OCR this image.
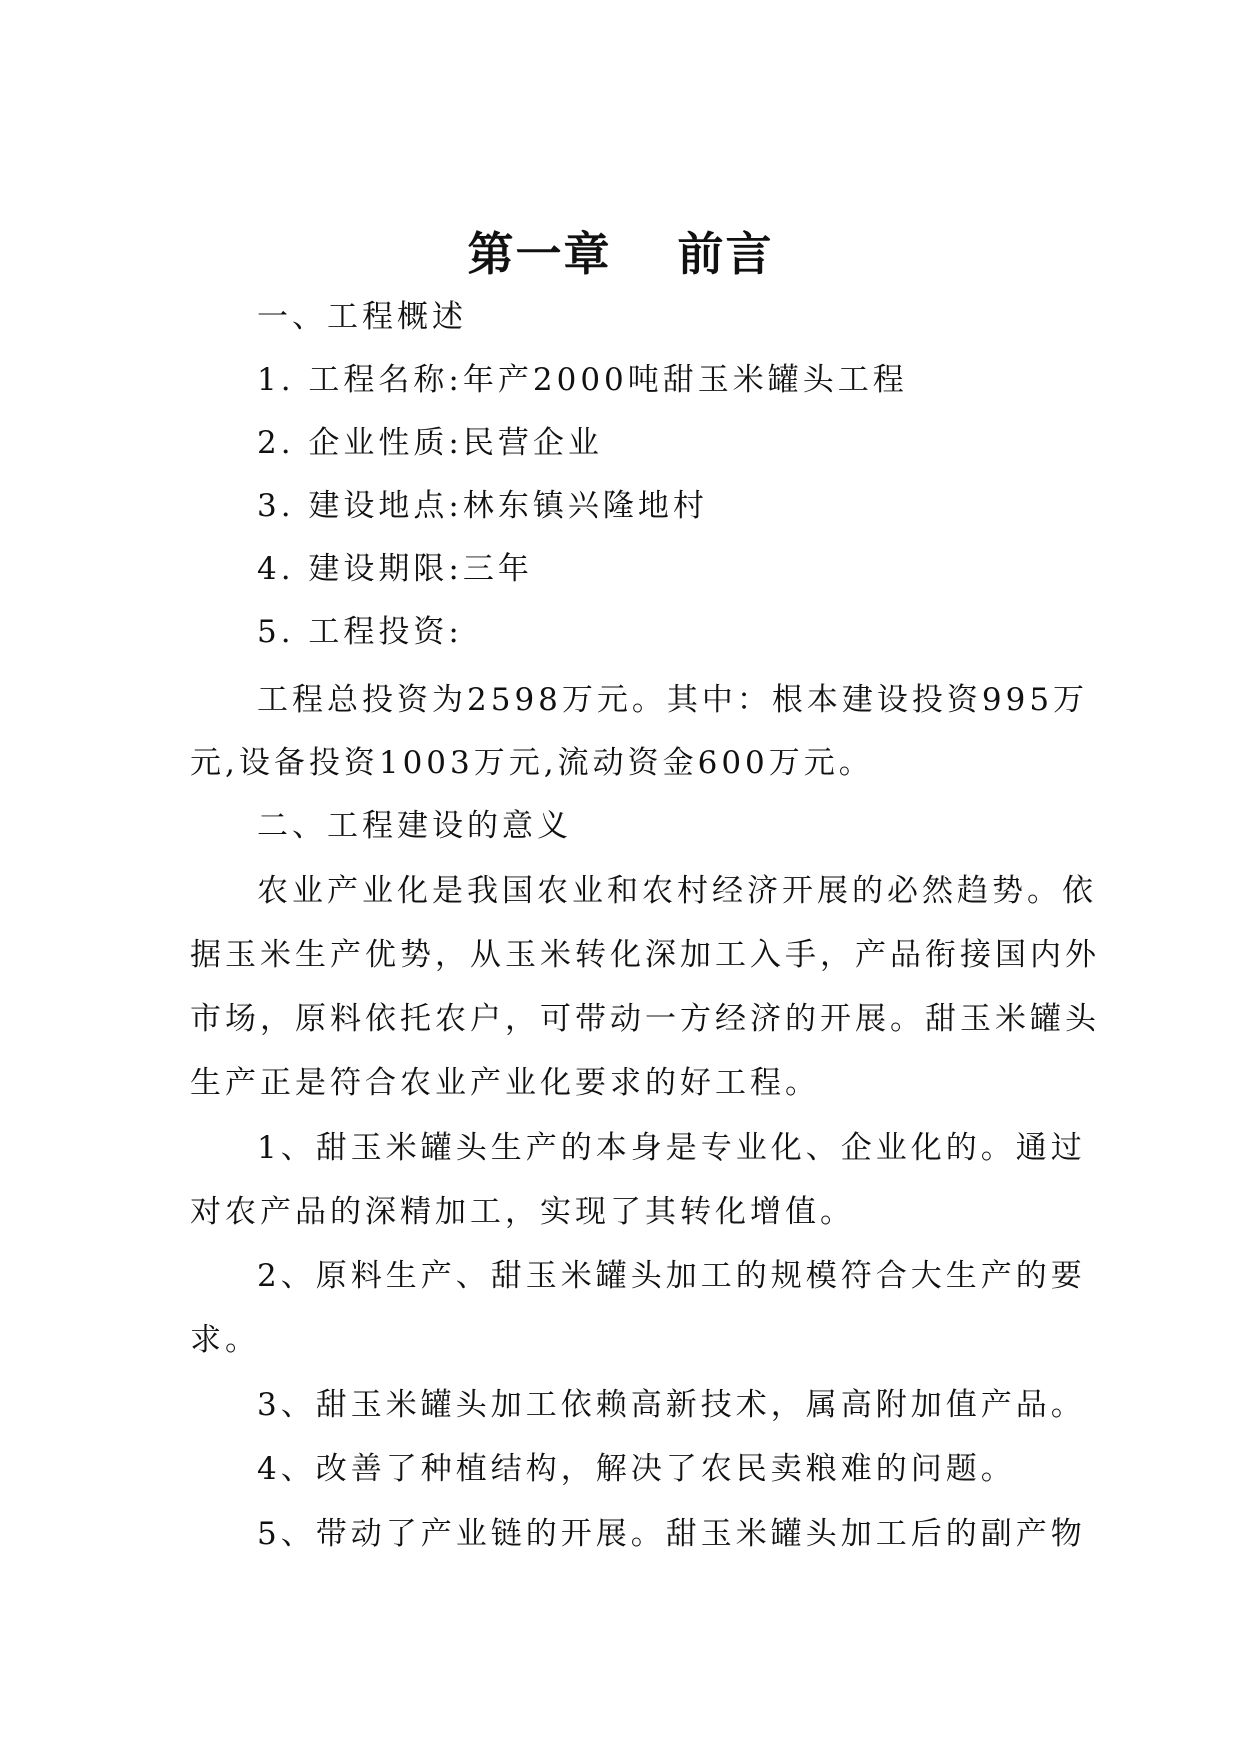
第一章　 前言

一、工程概述

1. 工程名称:年产2000吨甜玉米罐头工程

2. 企业性质:民营企业

3. 建设地点:林东镇兴隆地村

4. 建设期限:三年

5. 工程投资:

工程总投资为2598万元。其中：根本建设投资995万

元,设备投资1003万元,流动资金600万元。

二、工程建设的意义

农业产业化是我国农业和农村经济开展的必然趋势。依

据玉米生产优势，从玉米转化深加工入手，产品衔接国内外

市场，原料依托农户，可带动一方经济的开展。甜玉米罐头

生产正是符合农业产业化要求的好工程。

1、甜玉米罐头生产的本身是专业化、企业化的。通过

对农产品的深精加工，实现了其转化增值。

2、原料生产、甜玉米罐头加工的规模符合大生产的要

求。

3、甜玉米罐头加工依赖高新技术，属高附加值产品。

4、改善了种植结构，解决了农民卖粮难的问题。

5、带动了产业链的开展。甜玉米罐头加工后的副产物
